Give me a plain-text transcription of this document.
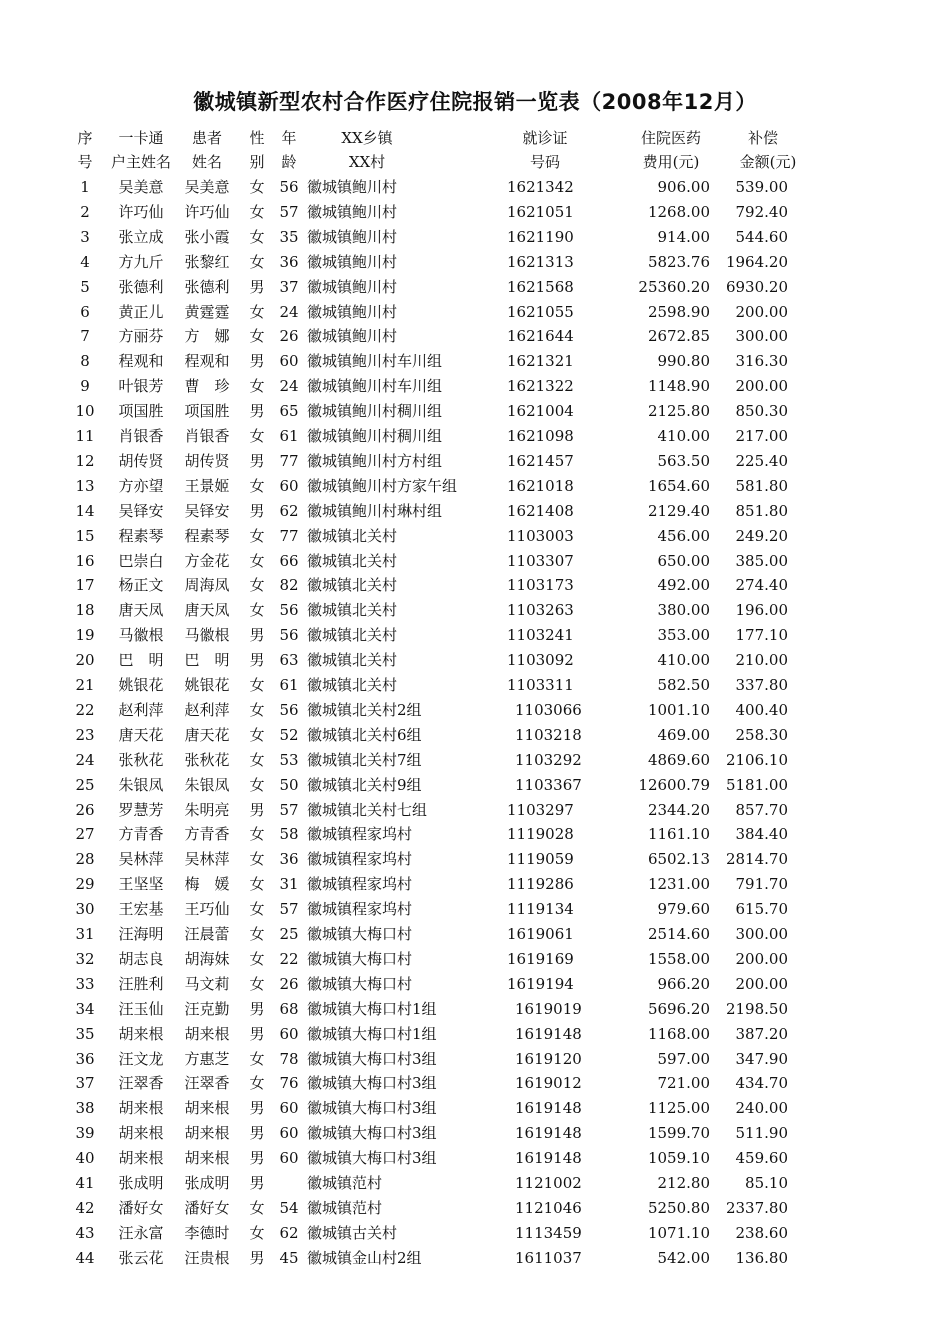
徽城镇新型农村合作医疗住院报销一览表（2008年12月）
序	一卡通	患者	性	年	XX乡镇	就诊证	住院医药	补偿
号	户主姓名	姓名	别	龄	XX村	号码	费用(元)	金额(元)
1	吴美意	吴美意	女 56 徽城镇鲍川村	1621342	906.00	539.00
2	许巧仙	许巧仙	女 57 徽城镇鲍川村	1621051	1268.00	792.40
3	张立成	张小霞	女 35 徽城镇鲍川村	1621190	914.00	544.60
4	方九斤	张黎红	女 36 徽城镇鲍川村	1621313	5823.76	1964.20
5	张德利	张德利	男 37 徽城镇鲍川村	1621568	25360.20	6930.20
6	黄正儿	黄霆霆	女 24 徽城镇鲍川村	1621055	2598.90	200.00
7	方丽芬	方　娜	女 26 徽城镇鲍川村	1621644	2672.85	300.00
8	程观和	程观和	男 60 徽城镇鲍川村车川组	1621321	990.80	316.30
9	叶银芳	曹　珍	女 24 徽城镇鲍川村车川组	1621322	1148.90	200.00
10	项国胜	项国胜	男 65 徽城镇鲍川村稠川组	1621004	2125.80	850.30
11	肖银香	肖银香	女 61 徽城镇鲍川村稠川组	1621098	410.00	217.00
12	胡传贤	胡传贤	男 77 徽城镇鲍川村方村组	1621457	563.50	225.40
13	方亦望	王景姬	女 60 徽城镇鲍川村方家午组	1621018	1654.60	581.80
14	吴铎安	吴铎安	男 62 徽城镇鲍川村琳村组	1621408	2129.40	851.80
15	程素琴	程素琴	女 77 徽城镇北关村	1103003	456.00	249.20
16	巴崇白	方金花	女 66 徽城镇北关村	1103307	650.00	385.00
17	杨正文	周海凤	女 82 徽城镇北关村	1103173	492.00	274.40
18	唐天凤	唐天凤	女 56 徽城镇北关村	1103263	380.00	196.00
19	马徽根	马徽根	男 56 徽城镇北关村	1103241	353.00	177.10
20	巴　明	巴　明	男 63 徽城镇北关村	1103092	410.00	210.00
21	姚银花	姚银花	女 61 徽城镇北关村	1103311	582.50	337.80
22	赵利萍	赵利萍	女 56 徽城镇北关村2组	1103066	1001.10	400.40
23	唐天花	唐天花	女 52 徽城镇北关村6组	1103218	469.00	258.30
24	张秋花	张秋花	女 53 徽城镇北关村7组	1103292	4869.60	2106.10
25	朱银凤	朱银凤	女 50 徽城镇北关村9组	1103367	12600.79	5181.00
26	罗慧芳	朱明亮	男 57 徽城镇北关村七组	1103297	2344.20	857.70
27	方青香	方青香	女 58 徽城镇程家坞村	1119028	1161.10	384.40
28	吴林萍	吴林萍	女 36 徽城镇程家坞村	1119059	6502.13	2814.70
29	王坚坚	梅　媛	女 31 徽城镇程家坞村	1119286	1231.00	791.70
30	王宏基	王巧仙	女 57 徽城镇程家坞村	1119134	979.60	615.70
31	汪海明	汪晨蕾	女 25 徽城镇大梅口村	1619061	2514.60	300.00
32	胡志良	胡海妹	女 22 徽城镇大梅口村	1619169	1558.00	200.00
33	汪胜利	马文莉	女 26 徽城镇大梅口村	1619194	966.20	200.00
34	汪玉仙	汪克勤	男 68 徽城镇大梅口村1组	1619019	5696.20	2198.50
35	胡来根	胡来根	男 60 徽城镇大梅口村1组	1619148	1168.00	387.20
36	汪文龙	方惠芝	女 78 徽城镇大梅口村3组	1619120	597.00	347.90
37	汪翠香	汪翠香	女 76 徽城镇大梅口村3组	1619012	721.00	434.70
38	胡来根	胡来根	男 60 徽城镇大梅口村3组	1619148	1125.00	240.00
39	胡来根	胡来根	男 60 徽城镇大梅口村3组	1619148	1599.70	511.90
40	胡来根	胡来根	男 60 徽城镇大梅口村3组	1619148	1059.10	459.60
41	张成明	张成明	男	徽城镇范村	1121002	212.80	85.10
42	潘好女	潘好女	女 54 徽城镇范村	1121046	5250.80	2337.80
43	汪永富	李德时	女 62 徽城镇古关村	1113459	1071.10	238.60
44	张云花	汪贵根	男 45 徽城镇金山村2组	1611037	542.00	136.80
